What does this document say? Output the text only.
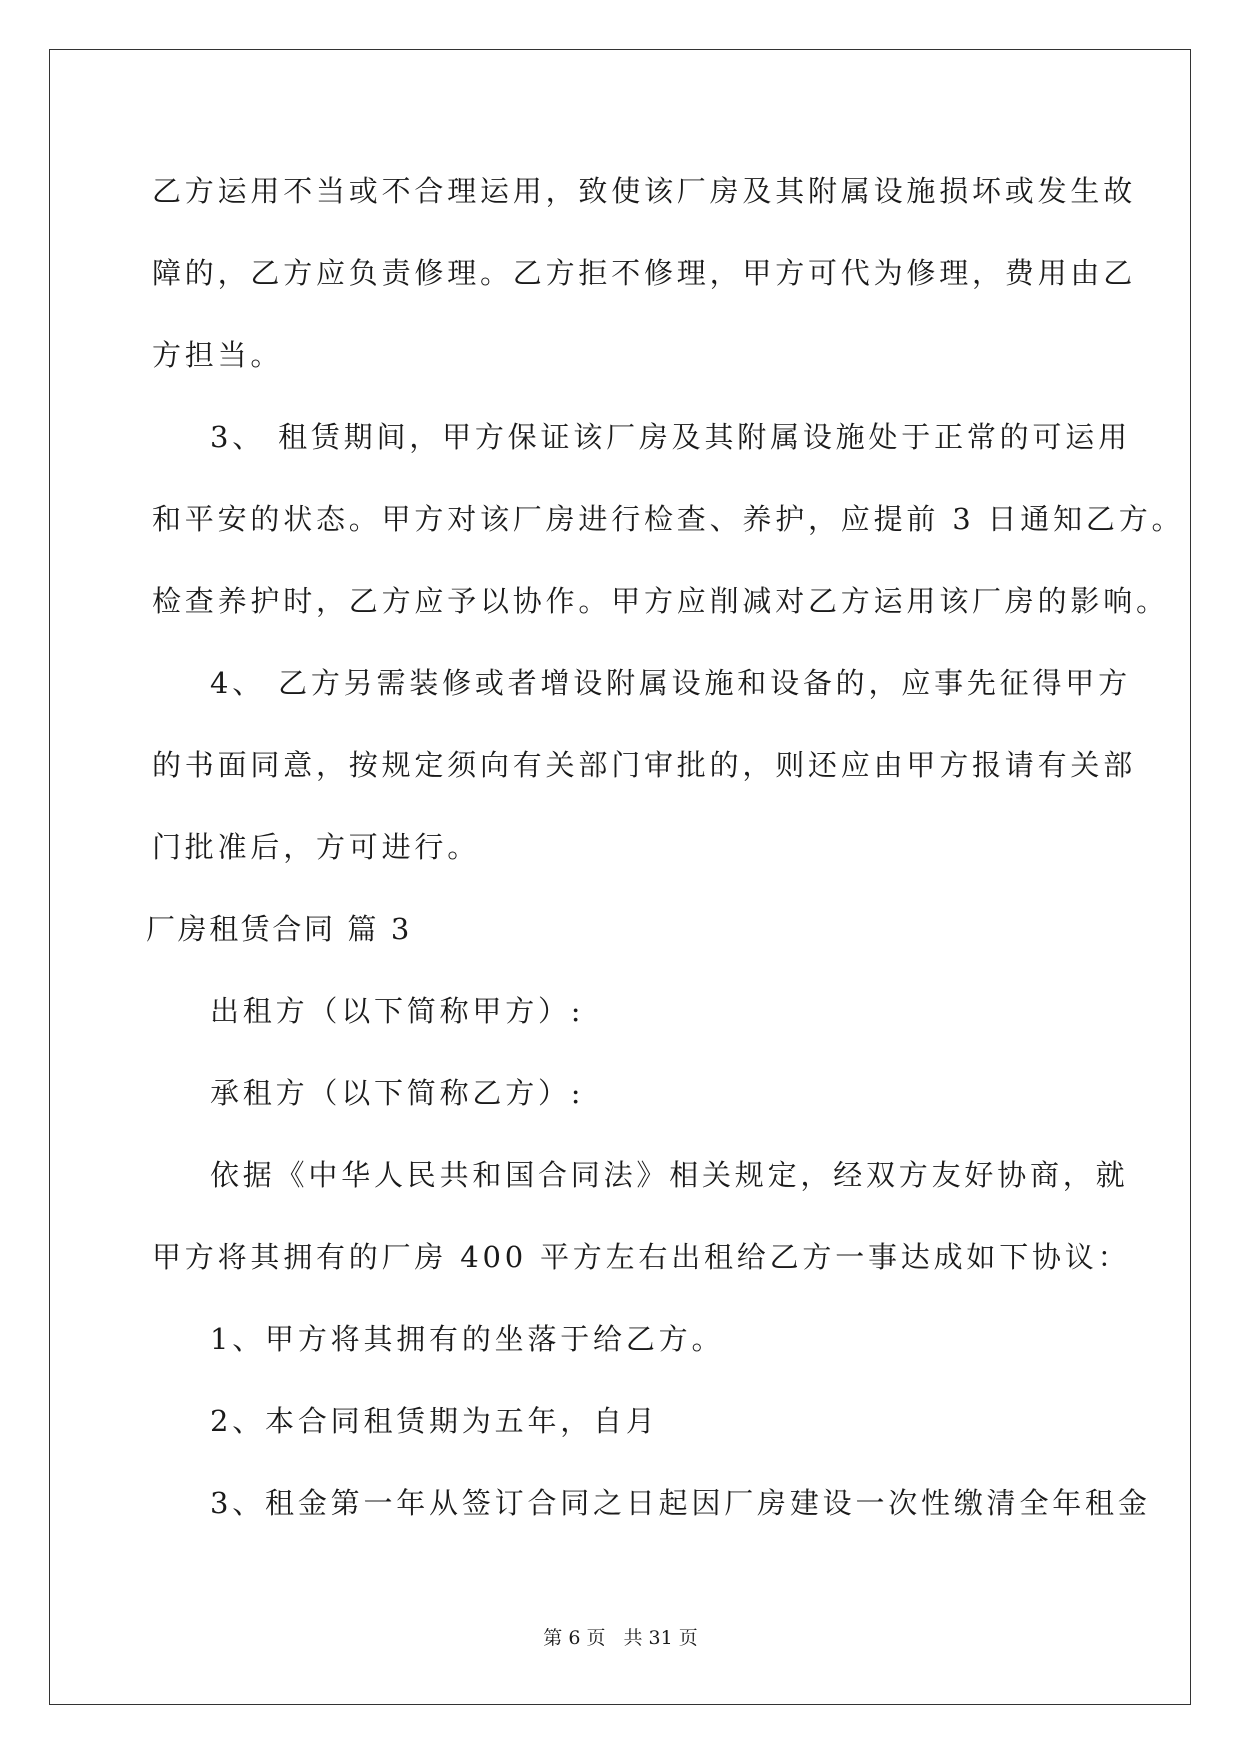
乙方运用不当或不合理运用，致使该厂房及其附属设施损坏或发生故
障的，乙方应负责修理。乙方拒不修理，甲方可代为修理，费用由乙
方担当。
3、 租赁期间，甲方保证该厂房及其附属设施处于正常的可运用
和平安的状态。甲方对该厂房进行检查、养护，应提前 3 日通知乙方。
检查养护时，乙方应予以协作。甲方应削减对乙方运用该厂房的影响。
4、 乙方另需装修或者增设附属设施和设备的，应事先征得甲方
的书面同意，按规定须向有关部门审批的，则还应由甲方报请有关部
门批准后，方可进行。
厂房租赁合同 篇 3
出租方（以下简称甲方）:
承租方（以下简称乙方）:
依据《中华人民共和国合同法》相关规定，经双方友好协商，就
甲方将其拥有的厂房 400 平方左右出租给乙方一事达成如下协议：
1、甲方将其拥有的坐落于给乙方。
2、本合同租赁期为五年，自月
3、租金第一年从签订合同之日起因厂房建设一次性缴清全年租金
第 6 页 共 31 页
